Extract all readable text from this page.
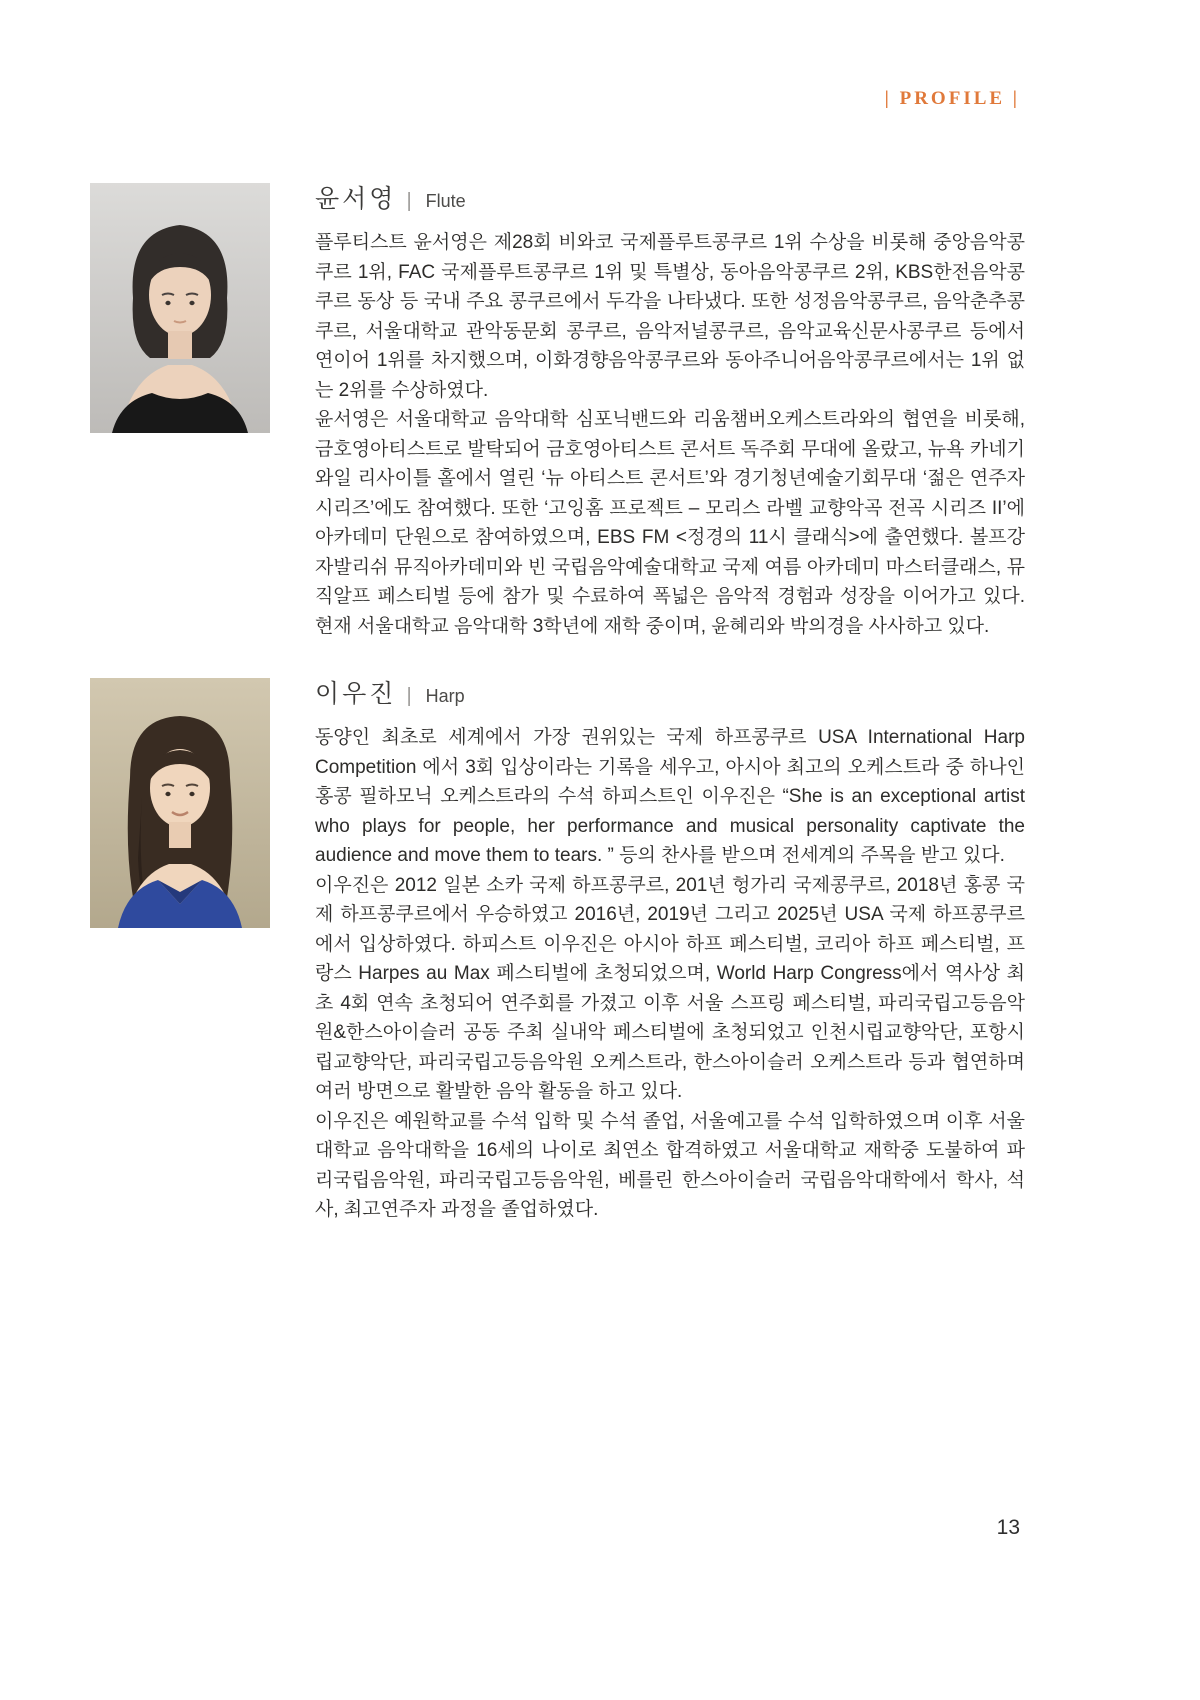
| PROFILE |
윤서영 | Flute

플루티스트 윤서영은 제28회 비와코 국제플루트콩쿠르 1위 수상을 비롯해 중앙음악콩쿠르 1위, FAC 국제플루트콩쿠르 1위 및 특별상, 동아음악콩쿠르 2위, KBS한전음악콩쿠르 동상 등 국내 주요 콩쿠르에서 두각을 나타냈다. 또한 성정음악콩쿠르, 음악춘추콩쿠르, 서울대학교 관악동문회 콩쿠르, 음악저널콩쿠르, 음악교육신문사콩쿠르 등에서 연이어 1위를 차지했으며, 이화경향음악콩쿠르와 동아주니어음악콩쿠르에서는 1위 없는 2위를 수상하였다.

윤서영은 서울대학교 음악대학 심포닉밴드와 리움챔버오케스트라와의 협연을 비롯해, 금호영아티스트로 발탁되어 금호영아티스트 콘서트 독주회 무대에 올랐고, 뉴욕 카네기 와일 리사이틀 홀에서 열린 ‘뉴 아티스트 콘서트’와 경기청년예술기회무대 ‘젊은 연주자 시리즈’에도 참여했다. 또한 ‘고잉홈 프로젝트 – 모리스 라벨 교향악곡 전곡 시리즈 II’에 아카데미 단원으로 참여하였으며, EBS FM <정경의 11시 클래식>에 출연했다. 볼프강 자발리쉬 뮤직아카데미와 빈 국립음악예술대학교 국제 여름 아카데미 마스터클래스, 뮤직알프 페스티벌 등에 참가 및 수료하여 폭넓은 음악적 경험과 성장을 이어가고 있다. 현재 서울대학교 음악대학 3학년에 재학 중이며, 윤혜리와 박의경을 사사하고 있다.

이우진 | Harp

동양인 최초로 세계에서 가장 권위있는 국제 하프콩쿠르 USA International Harp Competition 에서 3회 입상이라는 기록을 세우고, 아시아 최고의 오케스트라 중 하나인 홍콩 필하모닉 오케스트라의 수석 하피스트인 이우진은 “She is an exceptional artist who plays for people, her performance and musical personality captivate the audience and move them to tears. ” 등의 찬사를 받으며 전세계의 주목을 받고 있다.

이우진은 2012 일본 소카 국제 하프콩쿠르, 201년 헝가리 국제콩쿠르, 2018년 홍콩 국제 하프콩쿠르에서 우승하였고 2016년, 2019년 그리고 2025년 USA 국제 하프콩쿠르에서 입상하였다. 하피스트 이우진은 아시아 하프 페스티벌, 코리아 하프 페스티벌, 프랑스 Harpes au Max 페스티벌에 초청되었으며, World Harp Congress에서 역사상 최초 4회 연속 초청되어 연주회를 가졌고 이후 서울 스프링 페스티벌, 파리국립고등음악원&한스아이슬러 공동 주최 실내악 페스티벌에 초청되었고 인천시립교향악단, 포항시립교향악단, 파리국립고등음악원 오케스트라, 한스아이슬러 오케스트라 등과 협연하며 여러 방면으로 활발한 음악 활동을 하고 있다.

이우진은 예원학교를 수석 입학 및 수석 졸업, 서울예고를 수석 입학하였으며 이후 서울대학교 음악대학을 16세의 나이로 최연소 합격하였고 서울대학교 재학중 도불하여 파리국립음악원, 파리국립고등음악원, 베를린 한스아이슬러 국립음악대학에서 학사, 석사, 최고연주자 과정을 졸업하였다.

13
